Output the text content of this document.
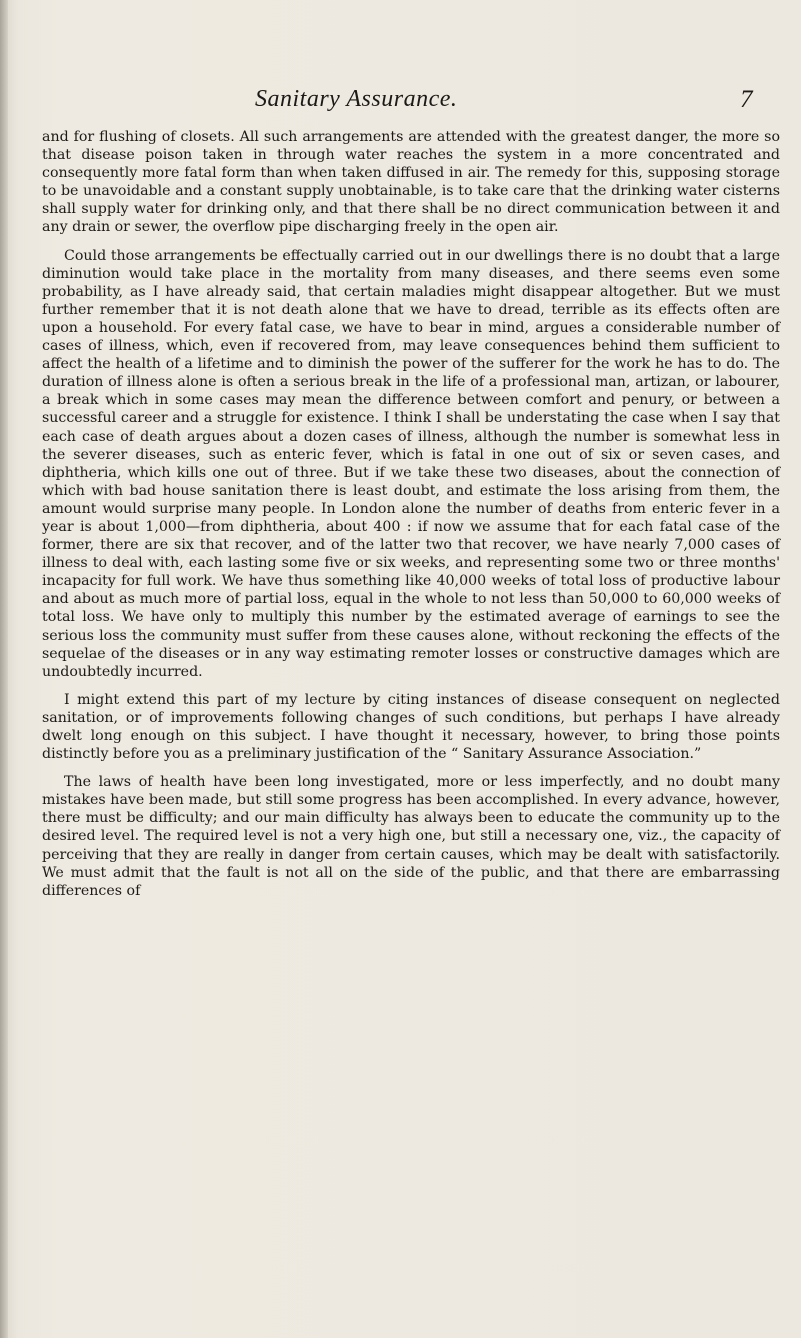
Sanitary Assurance.	7

and for flushing of closets. All such arrangements are attended with the greatest danger, the more so that disease poison taken in through water reaches the system in a more concentrated and consequently more fatal form than when taken diffused in air. The remedy for this, supposing storage to be unavoidable and a constant supply unobtainable, is to take care that the drinking water cisterns shall supply water for drinking only, and that there shall be no direct communication between it and any drain or sewer, the overflow pipe discharging freely in the open air.

Could those arrangements be effectually carried out in our dwellings there is no doubt that a large diminution would take place in the mortality from many diseases, and there seems even some probability, as I have already said, that certain maladies might disappear altogether. But we must further remember that it is not death alone that we have to dread, terrible as its effects often are upon a household. For every fatal case, we have to bear in mind, argues a considerable number of cases of illness, which, even if recovered from, may leave consequences behind them sufficient to affect the health of a lifetime and to diminish the power of the sufferer for the work he has to do. The duration of illness alone is often a serious break in the life of a professional man, artizan, or labourer, a break which in some cases may mean the difference between comfort and penury, or between a successful career and a struggle for existence. I think I shall be understating the case when I say that each case of death argues about a dozen cases of illness, although the number is somewhat less in the severer diseases, such as enteric fever, which is fatal in one out of six or seven cases, and diphtheria, which kills one out of three. But if we take these two diseases, about the connection of which with bad house sanitation there is least doubt, and estimate the loss arising from them, the amount would surprise many people. In London alone the number of deaths from enteric fever in a year is about 1,000—from diphtheria, about 400 : if now we assume that for each fatal case of the former, there are six that recover, and of the latter two that recover, we have nearly 7,000 cases of illness to deal with, each lasting some five or six weeks, and representing some two or three months' incapacity for full work. We have thus something like 40,000 weeks of total loss of productive labour and about as much more of partial loss, equal in the whole to not less than 50,000 to 60,000 weeks of total loss. We have only to multiply this number by the estimated average of earnings to see the serious loss the community must suffer from these causes alone, without reckoning the effects of the sequelae of the diseases or in any way estimating remoter losses or constructive damages which are undoubtedly incurred.

I might extend this part of my lecture by citing instances of disease consequent on neglected sanitation, or of improvements following changes of such conditions, but perhaps I have already dwelt long enough on this subject. I have thought it necessary, however, to bring those points distinctly before you as a preliminary justification of the “ Sanitary Assurance Association.”

The laws of health have been long investigated, more or less imperfectly, and no doubt many mistakes have been made, but still some progress has been accomplished. In every advance, however, there must be difficulty; and our main difficulty has always been to educate the community up to the desired level. The required level is not a very high one, but still a necessary one, viz., the capacity of perceiving that they are really in danger from certain causes, which may be dealt with satisfactorily. We must admit that the fault is not all on the side of the public, and that there are embarrassing differences of
